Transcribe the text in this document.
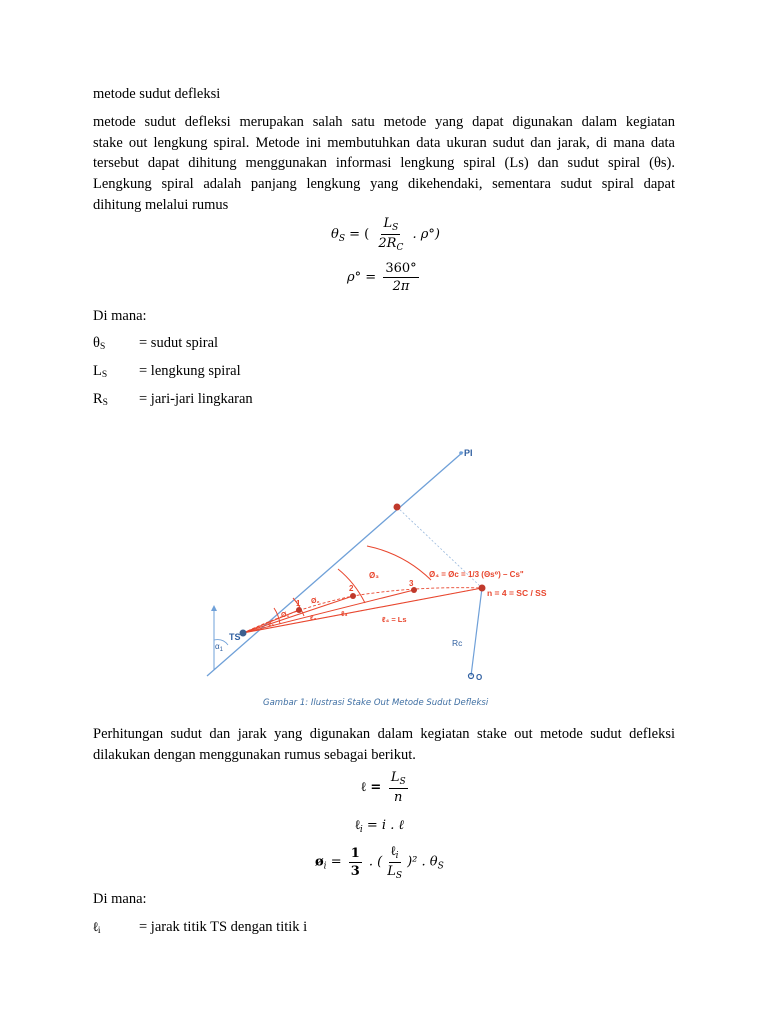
metode sudut defleksi
metode sudut defleksi merupakan salah satu metode yang dapat digunakan dalam kegiatan
stake out lengkung spiral. Metode ini membutuhkan data ukuran sudut dan jarak, di mana data
tersebut dapat dihitung menggunakan informasi lengkung spiral (Ls) dan sudut spiral (θs).
Lengkung spiral adalah panjang lengkung yang dikehendaki, sementara sudut spiral dapat
dihitung melalui rumus
$\theta_S$ = ( $\frac{L_S}{2R_C}$ . ρ°)
$\rho^\circ = \frac{360^\circ}{2\pi}$
Di mana:
θS = sudut spiral
LS = lengkung spiral
RS = jari-jari lingkaran
PI
TS
$\alpha_1$
Ø₄ = Øc = 1/3 (Θs⁰) – Cs"
Ø₃
Ø₂
Ø₁
n = 4 = SC / SS
ℓ₄ = Ls
ℓ₃
ℓ₂
ℓ₁
1
2
3
Rc
O
Gambar 1: Ilustrasi Stake Out Metode Sudut Defleksi
Perhitungan sudut dan jarak yang digunakan dalam kegiatan stake out metode sudut defleksi
dilakukan dengan menggunakan rumus sebagai berikut.
ℓ = $\frac{L_S}{n}$
ℓ$_i$ = i . ℓ
$ø_i = \frac{1}{3}$ . ( $\frac{\ell_i}{L_S} )^2$ . $\theta_S$
Di mana:
ℓi	= jarak titik TS dengan titik i
